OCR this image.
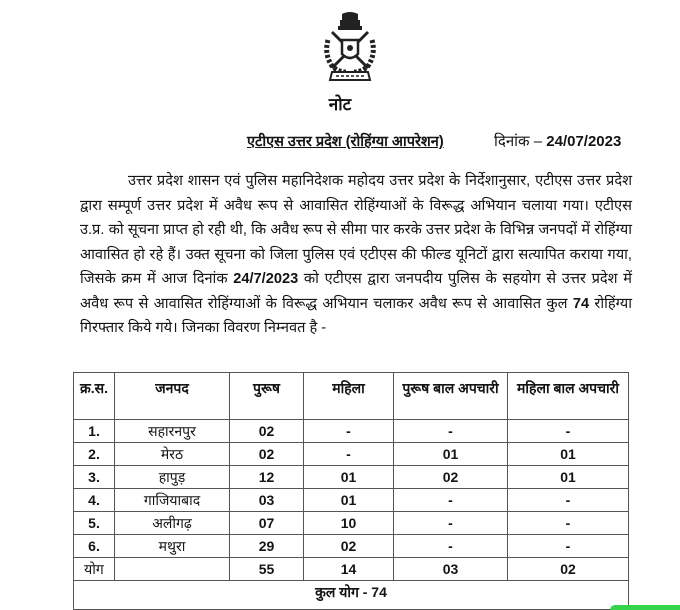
नोट
एटीएस उत्तर प्रदेश (रोहिंग्या आपरेशन)	दिनांक – 24/07/2023
उत्तर प्रदेश शासन एवं पुलिस महानिदेशक महोदय उत्तर प्रदेश के निर्देशानुसार, एटीएस उत्तर प्रदेश द्वारा सम्पूर्ण उत्तर प्रदेश में अवैध रूप से आवासित रोहिंग्याओं के विरूद्ध अभियान चलाया गया। एटीएस उ.प्र. को सूचना प्राप्त हो रही थी, कि अवैध रूप से सीमा पार करके उत्तर प्रदेश के विभिन्न जनपदों में रोहिंग्या आवासित हो रहे हैं। उक्त सूचना को जिला पुलिस एवं एटीएस की फील्ड यूनिटों द्वारा सत्यापित कराया गया, जिसके क्रम में आज दिनांक 24/7/2023 को एटीएस द्वारा जनपदीय पुलिस के सहयोग से उत्तर प्रदेश में अवैध रूप से आवासित रोहिंग्याओं के विरूद्ध अभियान चलाकर अवैध रूप से आवासित कुल 74 रोहिंग्या गिरफ्तार किये गये। जिनका विवरण निम्नवत है -
क्र.स.	जनपद	पुरूष	महिला	पुरूष बाल अपचारी	महिला बाल अपचारी
1.	सहारनपुर	02	-	-	-
2.	मेरठ	02	-	01	01
3.	हापुड़	12	01	02	01
4.	गाजियाबाद	03	01	-	-
5.	अलीगढ़	07	10	-	-
6.	मथुरा	29	02	-	-
योग		55	14	03	02
कुल योग - 74					
